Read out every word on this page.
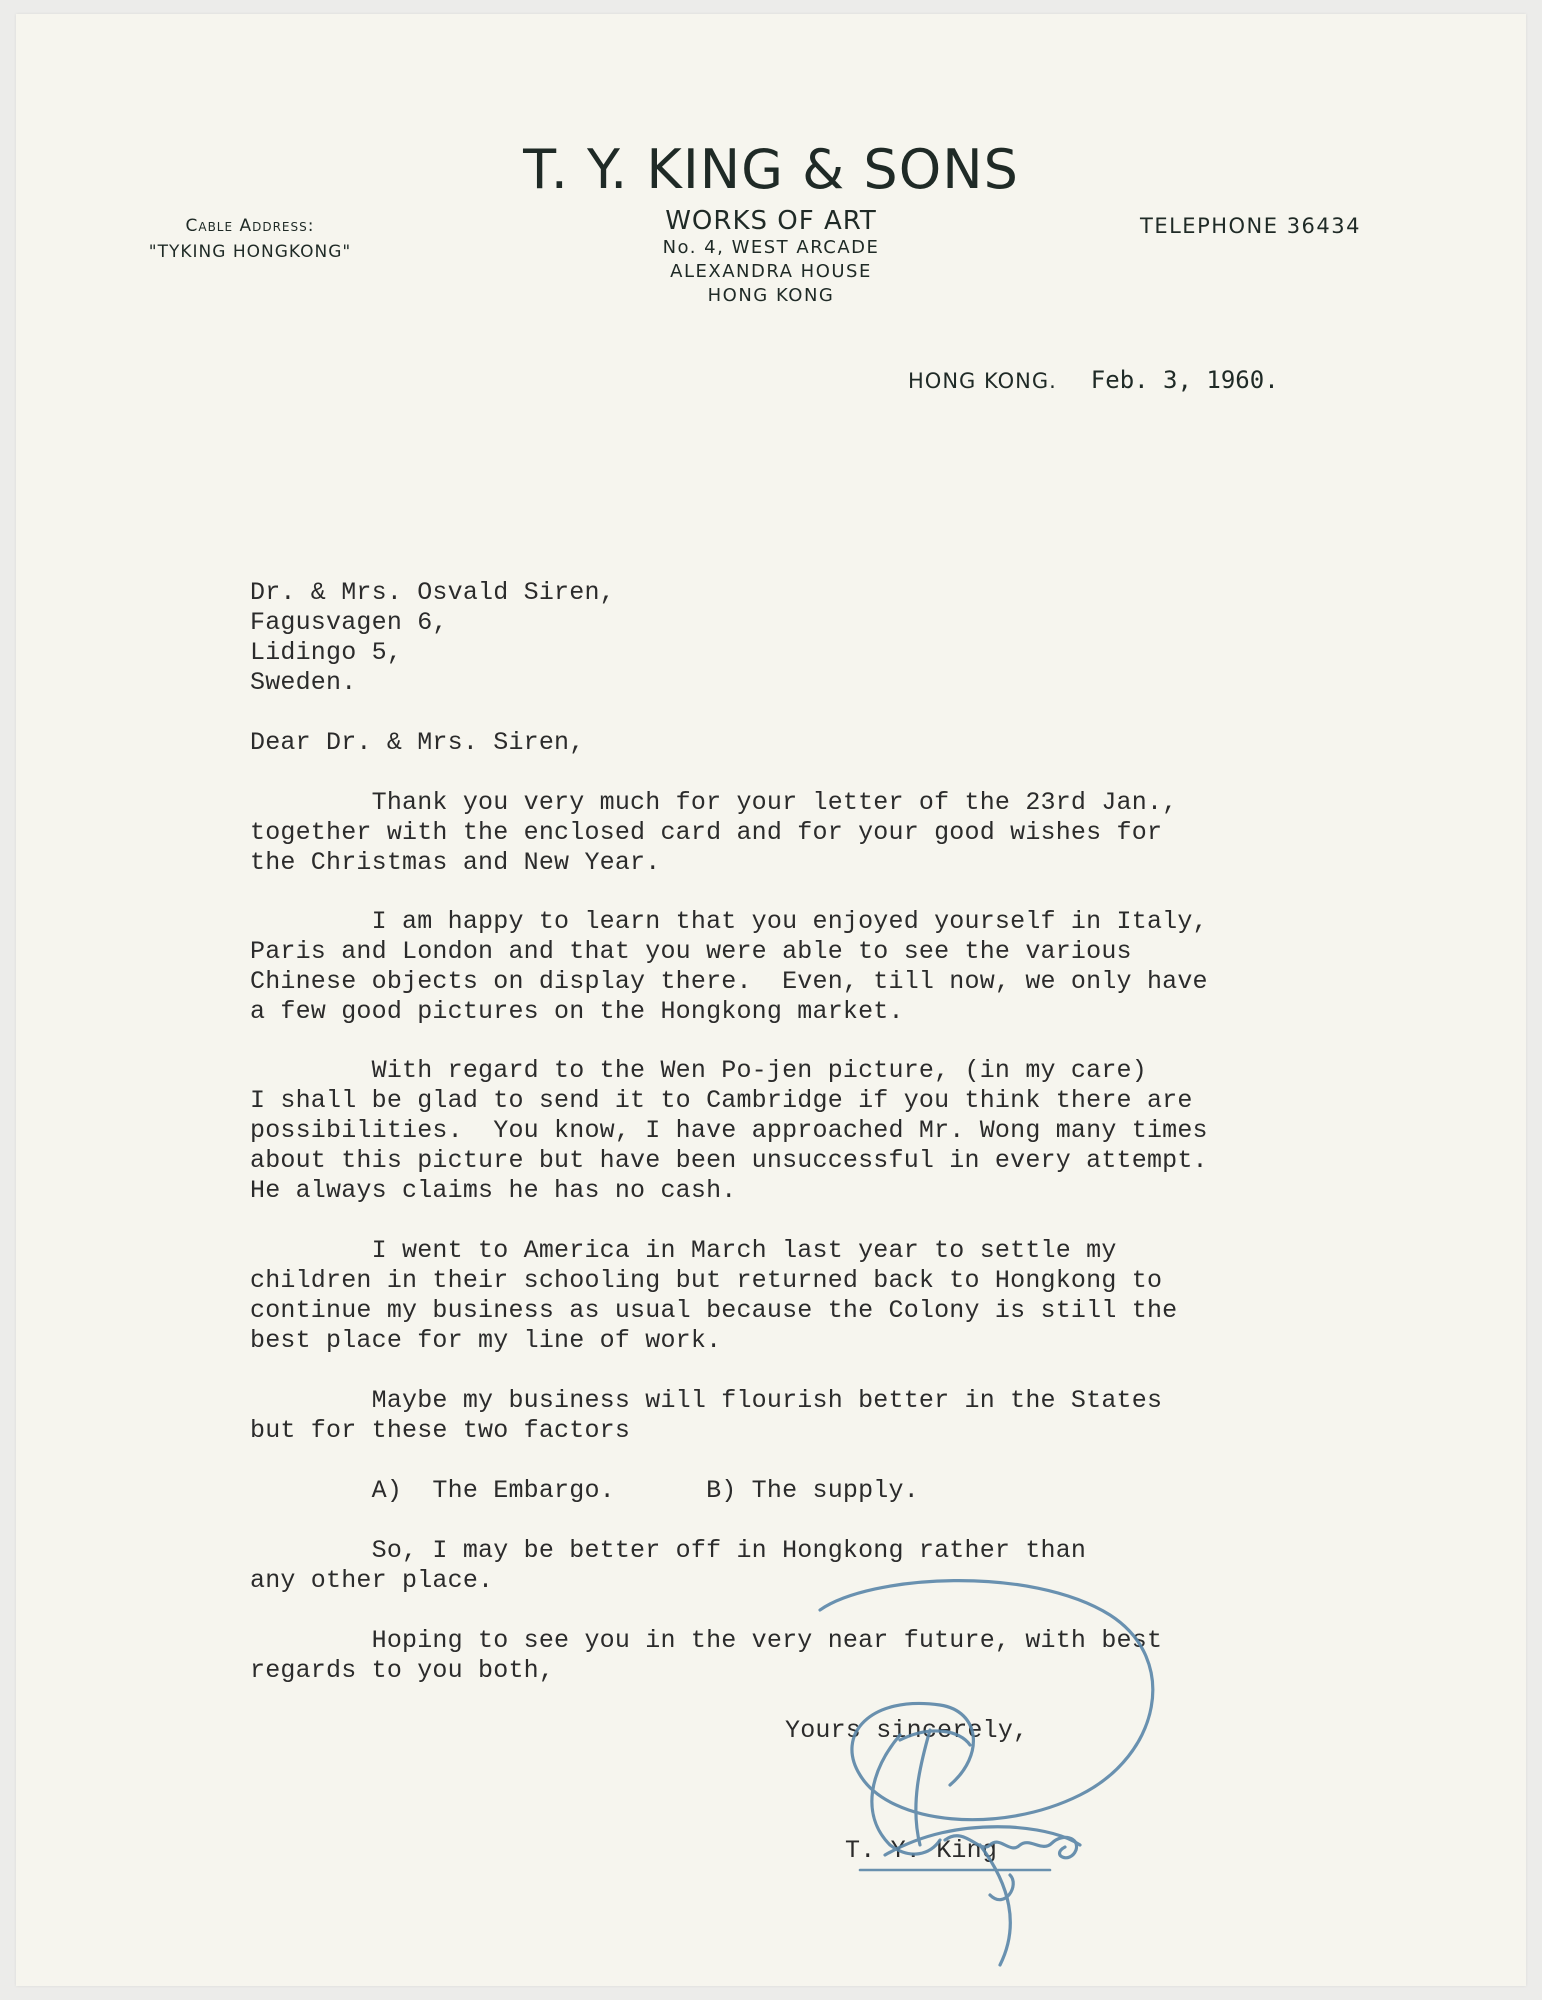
T. Y. KING & SONS
WORKS OF ART
No. 4, WEST ARCADE
ALEXANDRA HOUSE
HONG KONG
Cable Address:
"TYKING HONGKONG"
TELEPHONE 36434
HONG KONG. Feb. 3, 1960.
Dr. & Mrs. Osvald Siren,
Fagusvagen 6,
Lidingo 5,
Sweden.
Dear Dr. & Mrs. Siren,
Thank you very much for your letter of the 23rd Jan.,
together with the enclosed card and for your good wishes for
the Christmas and New Year.
I am happy to learn that you enjoyed yourself in Italy,
Paris and London and that you were able to see the various
Chinese objects on display there.  Even, till now, we only have
a few good pictures on the Hongkong market.
With regard to the Wen Po-jen picture, (in my care)
I shall be glad to send it to Cambridge if you think there are
possibilities.  You know, I have approached Mr. Wong many times
about this picture but have been unsuccessful in every attempt.
He always claims he has no cash.
I went to America in March last year to settle my
children in their schooling but returned back to Hongkong to
continue my business as usual because the Colony is still the
best place for my line of work.
Maybe my business will flourish better in the States
but for these two factors
A)  The Embargo.      B) The supply.
So, I may be better off in Hongkong rather than
any other place.
Hoping to see you in the very near future, with best
regards to you both,
Yours sincerely,
T. Y. King
